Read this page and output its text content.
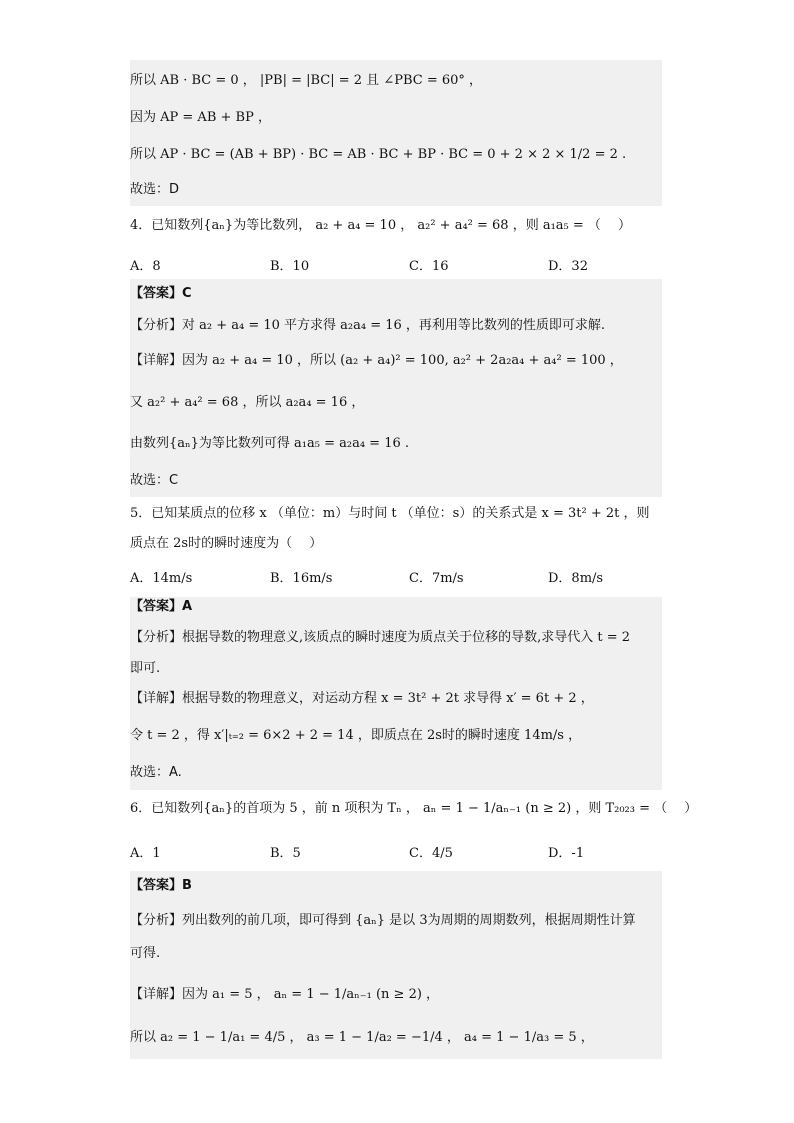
所以 AB · BC = 0 ， |PB| = |BC| = 2 且 ∠PBC = 60° ，
因为 AP = AB + BP ，
所以 AP · BC = (AB + BP) · BC = AB · BC + BP · BC = 0 + 2 × 2 × 1/2 = 2 .
故选：D
4．已知数列{aₙ}为等比数列， a₂ + a₄ = 10 ， a₂² + a₄² = 68 ，则 a₁a₅ = （　 ）
A．8	B．10	C．16	D．32
【答案】C
【分析】对 a₂ + a₄ = 10 平方求得 a₂a₄ = 16 ，再利用等比数列的性质即可求解.
【详解】因为 a₂ + a₄ = 10 ，所以 (a₂ + a₄)² = 100, a₂² + 2a₂a₄ + a₄² = 100 ，
又 a₂² + a₄² = 68 ，所以 a₂a₄ = 16 ，
由数列{aₙ}为等比数列可得 a₁a₅ = a₂a₄ = 16 .
故选：C
5．已知某质点的位移 x （单位：m）与时间 t （单位：s）的关系式是 x = 3t² + 2t ，则
质点在 2s时的瞬时速度为（　 ）
A．14m/s	B．16m/s	C．7m/s	D．8m/s
【答案】A
【分析】根据导数的物理意义,该质点的瞬时速度为质点关于位移的导数,求导代入 t = 2
即可.
【详解】根据导数的物理意义，对运动方程 x = 3t² + 2t 求导得 x′ = 6t + 2 ，
令 t = 2 ，得 x′|ₜ₌₂ = 6×2 + 2 = 14 ，即质点在 2s时的瞬时速度 14m/s ，
故选：A.
6．已知数列{aₙ}的首项为 5 ，前 n 项积为 Tₙ ， aₙ = 1 − 1/aₙ₋₁ (n ≥ 2) ，则 T₂₀₂₃ = （　 ）
A．1	B．5	C．4/5	D．-1
【答案】B
【分析】列出数列的前几项，即可得到 {aₙ} 是以 3为周期的周期数列，根据周期性计算
可得.
【详解】因为 a₁ = 5 ， aₙ = 1 − 1/aₙ₋₁ (n ≥ 2) ，
所以 a₂ = 1 − 1/a₁ = 4/5 ， a₃ = 1 − 1/a₂ = −1/4 ， a₄ = 1 − 1/a₃ = 5 ，
